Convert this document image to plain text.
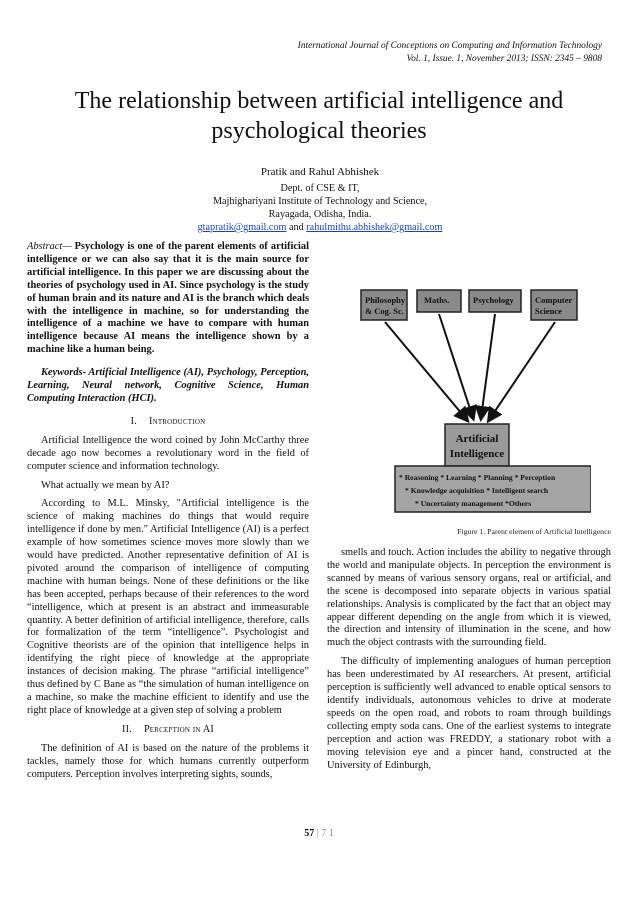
International Journal of Conceptions on Computing and Information Technology
Vol. 1, Issue. 1, November 2013; ISSN: 2345 – 9808
The relationship between artificial intelligence and psychological theories
Pratik and Rahul Abhishek
Dept. of CSE & IT,
Majhighariyani Institute of Technology and Science,
Rayagada, Odisha, India.
gtapratik@gmail.com and rahulmithu.abhishek@gmail.com

Abstract— Psychology is one of the parent elements of artificial intelligence or we can also say that it is the main source for artificial intelligence. In this paper we are discussing about the theories of psychology used in AI. Since psychology is the study of human brain and its nature and AI is the branch which deals with the intelligence in machine, so for understanding the intelligence of a machine we have to compare with human intelligence because AI means the intelligence shown by a machine like a human being.

Keywords- Artificial Intelligence (AI), Psychology, Perception, Learning, Neural network, Cognitive Science, Human Computing Interaction (HCI).

I. Introduction

Artificial Intelligence the word coined by John McCarthy three decade ago now becomes a revolutionary word in the field of computer science and information technology.

What actually we mean by AI?

According to M.L. Minsky, "Artificial intelligence is the science of making machines do things that would require intelligence if done by men." Artificial Intelligence (AI) is a perfect example of how sometimes science moves more slowly than we would have predicted. Another representative definition of AI is pivoted around the comparison of intelligence of computing machine with human beings. None of these definitions or the like has been accepted, perhaps because of their references to the word “intelligence, which at present is an abstract and immeasurable quantity. A better definition of artificial intelligence, therefore, calls for formalization of the term “intelligence”. Psychologist and Cognitive theorists are of the opinion that intelligence helps in identifying the right piece of knowledge at the appropriate instances of decision making. The phrase “artificial intelligence” thus defined by C Bane as “the simulation of human intelligence on a machine, so make the machine efficient to identify and use the right place of knowledge at a given step of solving a problem

II. Perception in AI

The definition of AI is based on the nature of the problems it tackles, namely those for which humans currently outperform computers. Perception involves interpreting sights, sounds,

Philosophy
& Cog. Sc.
Maths.	Psychology	Computer
Science
Artificial
Intelligence
* Reasoning * Learning * Planning * Perception
* Knowledge acquisition * Intelligent search
* Uncertainty management *Others
Figure 1. Parent element of Artificial Intelligence

smells and touch. Action includes the ability to negative through the world and manipulate objects. In perception the environment is scanned by means of various sensory organs, real or artificial, and the scene is decomposed into separate objects in various spatial relationships. Analysis is complicated by the fact that an object may appear different depending on the angle from which it is viewed, the direction and intensity of illumination in the scene, and how much the object contrasts with the surrounding field.

The difficulty of implementing analogues of human perception has been underestimated by AI researchers. At present, artificial perception is sufficiently well advanced to enable optical sensors to identify individuals, autonomous vehicles to drive at moderate speeds on the open road, and robots to roam through buildings collecting empty soda cans. One of the earliest systems to integrate perception and action was FREDDY, a stationary robot with a moving television eye and a pincer hand, constructed at the University of Edinburgh,

57 | 7 1
